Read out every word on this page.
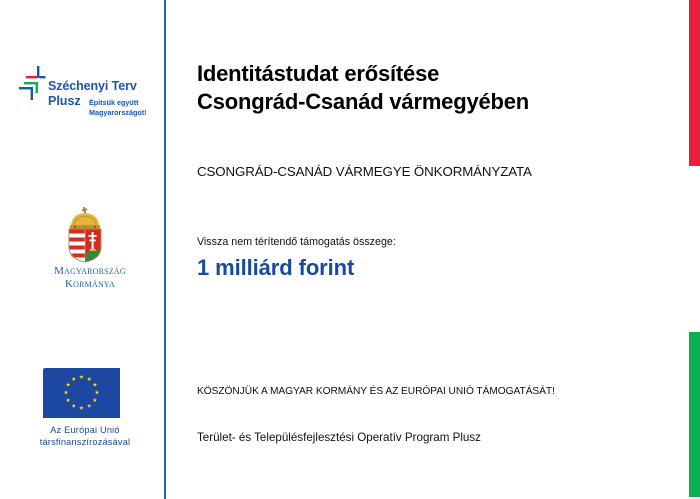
Széchenyi Terv
Plusz Építsük együtt
Magyarországot!
Magyarország
Kormánya
Az Európai Unió
társfinanszírozásával
Identitástudat erősítése
Csongrád-Csanád vármegyében
CSONGRÁD-CSANÁD VÁRMEGYE ÖNKORMÁNYZATA
Vissza nem térítendő támogatás összege:
1 milliárd forint
KÖSZÖNJÜK A MAGYAR KORMÁNY ÉS AZ EURÓPAI UNIÓ TÁMOGATÁSÁT!
Terület- és Településfejlesztési Operatív Program Plusz
